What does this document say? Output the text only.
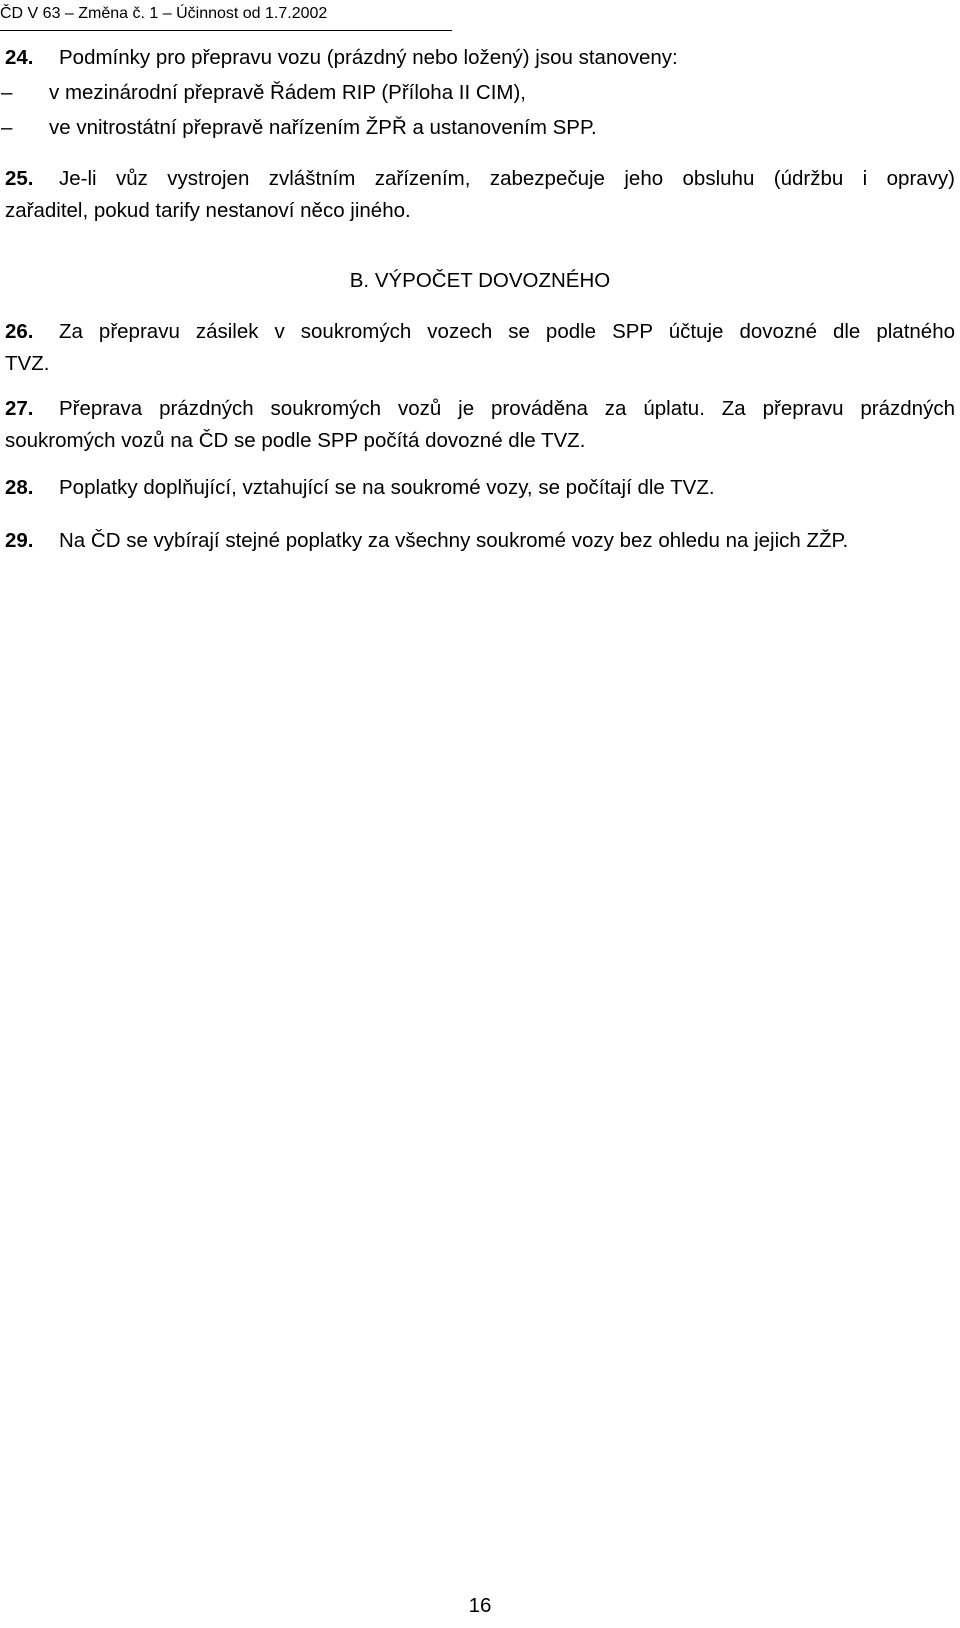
ČD V 63 – Změna č. 1 – Účinnost od 1.7.2002
24. Podmínky pro přepravu vozu (prázdný nebo ložený) jsou stanoveny:
– v mezinárodní přepravě Řádem RIP (Příloha II CIM),
– ve vnitrostátní přepravě nařízením ŽPŘ a ustanovením SPP.
25. Je-li vůz vystrojen zvláštním zařízením, zabezpečuje jeho obsluhu (údržbu i opravy)
zařaditel, pokud tarify nestanoví něco jiného.
B. VÝPOČET DOVOZNÉHO
26. Za přepravu zásilek v soukromých vozech se podle SPP účtuje dovozné dle platného
TVZ.
27. Přeprava prázdných soukromých vozů je prováděna za úplatu. Za přepravu prázdných
soukromých vozů na ČD se podle SPP počítá dovozné dle TVZ.
28. Poplatky doplňující, vztahující se na soukromé vozy, se počítají dle TVZ.
29. Na ČD se vybírají stejné poplatky za všechny soukromé vozy bez ohledu na jejich ZŽP.
16
